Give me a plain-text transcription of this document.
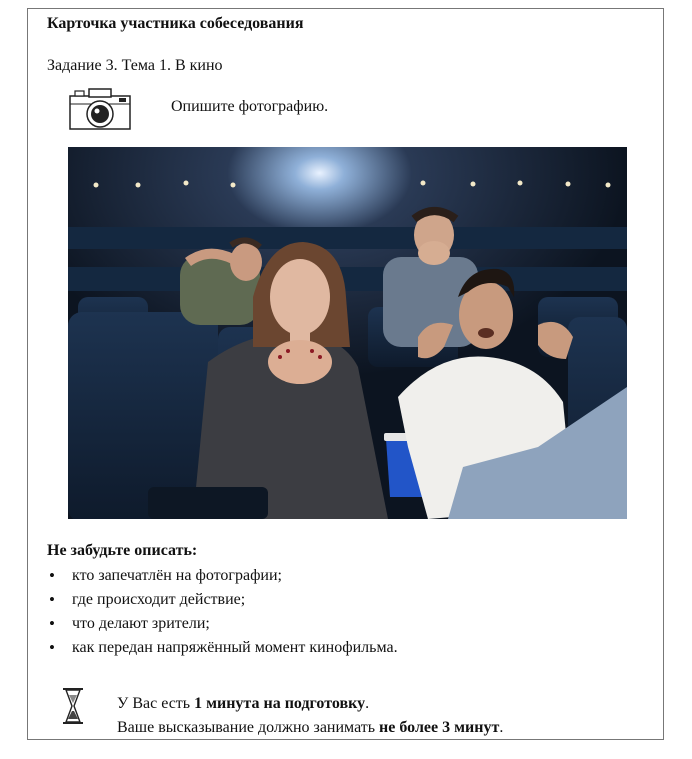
Карточка участника собеседования
Задание 3. Тема 1. В кино
Опишите фотографию.
Не забудьте описать:
• кто запечатлён на фотографии;
• где происходит действие;
• что делают зрители;
• как передан напряжённый момент кинофильма.
У Вас есть 1 минута на подготовку.
Ваше высказывание должно занимать не более 3 минут.
